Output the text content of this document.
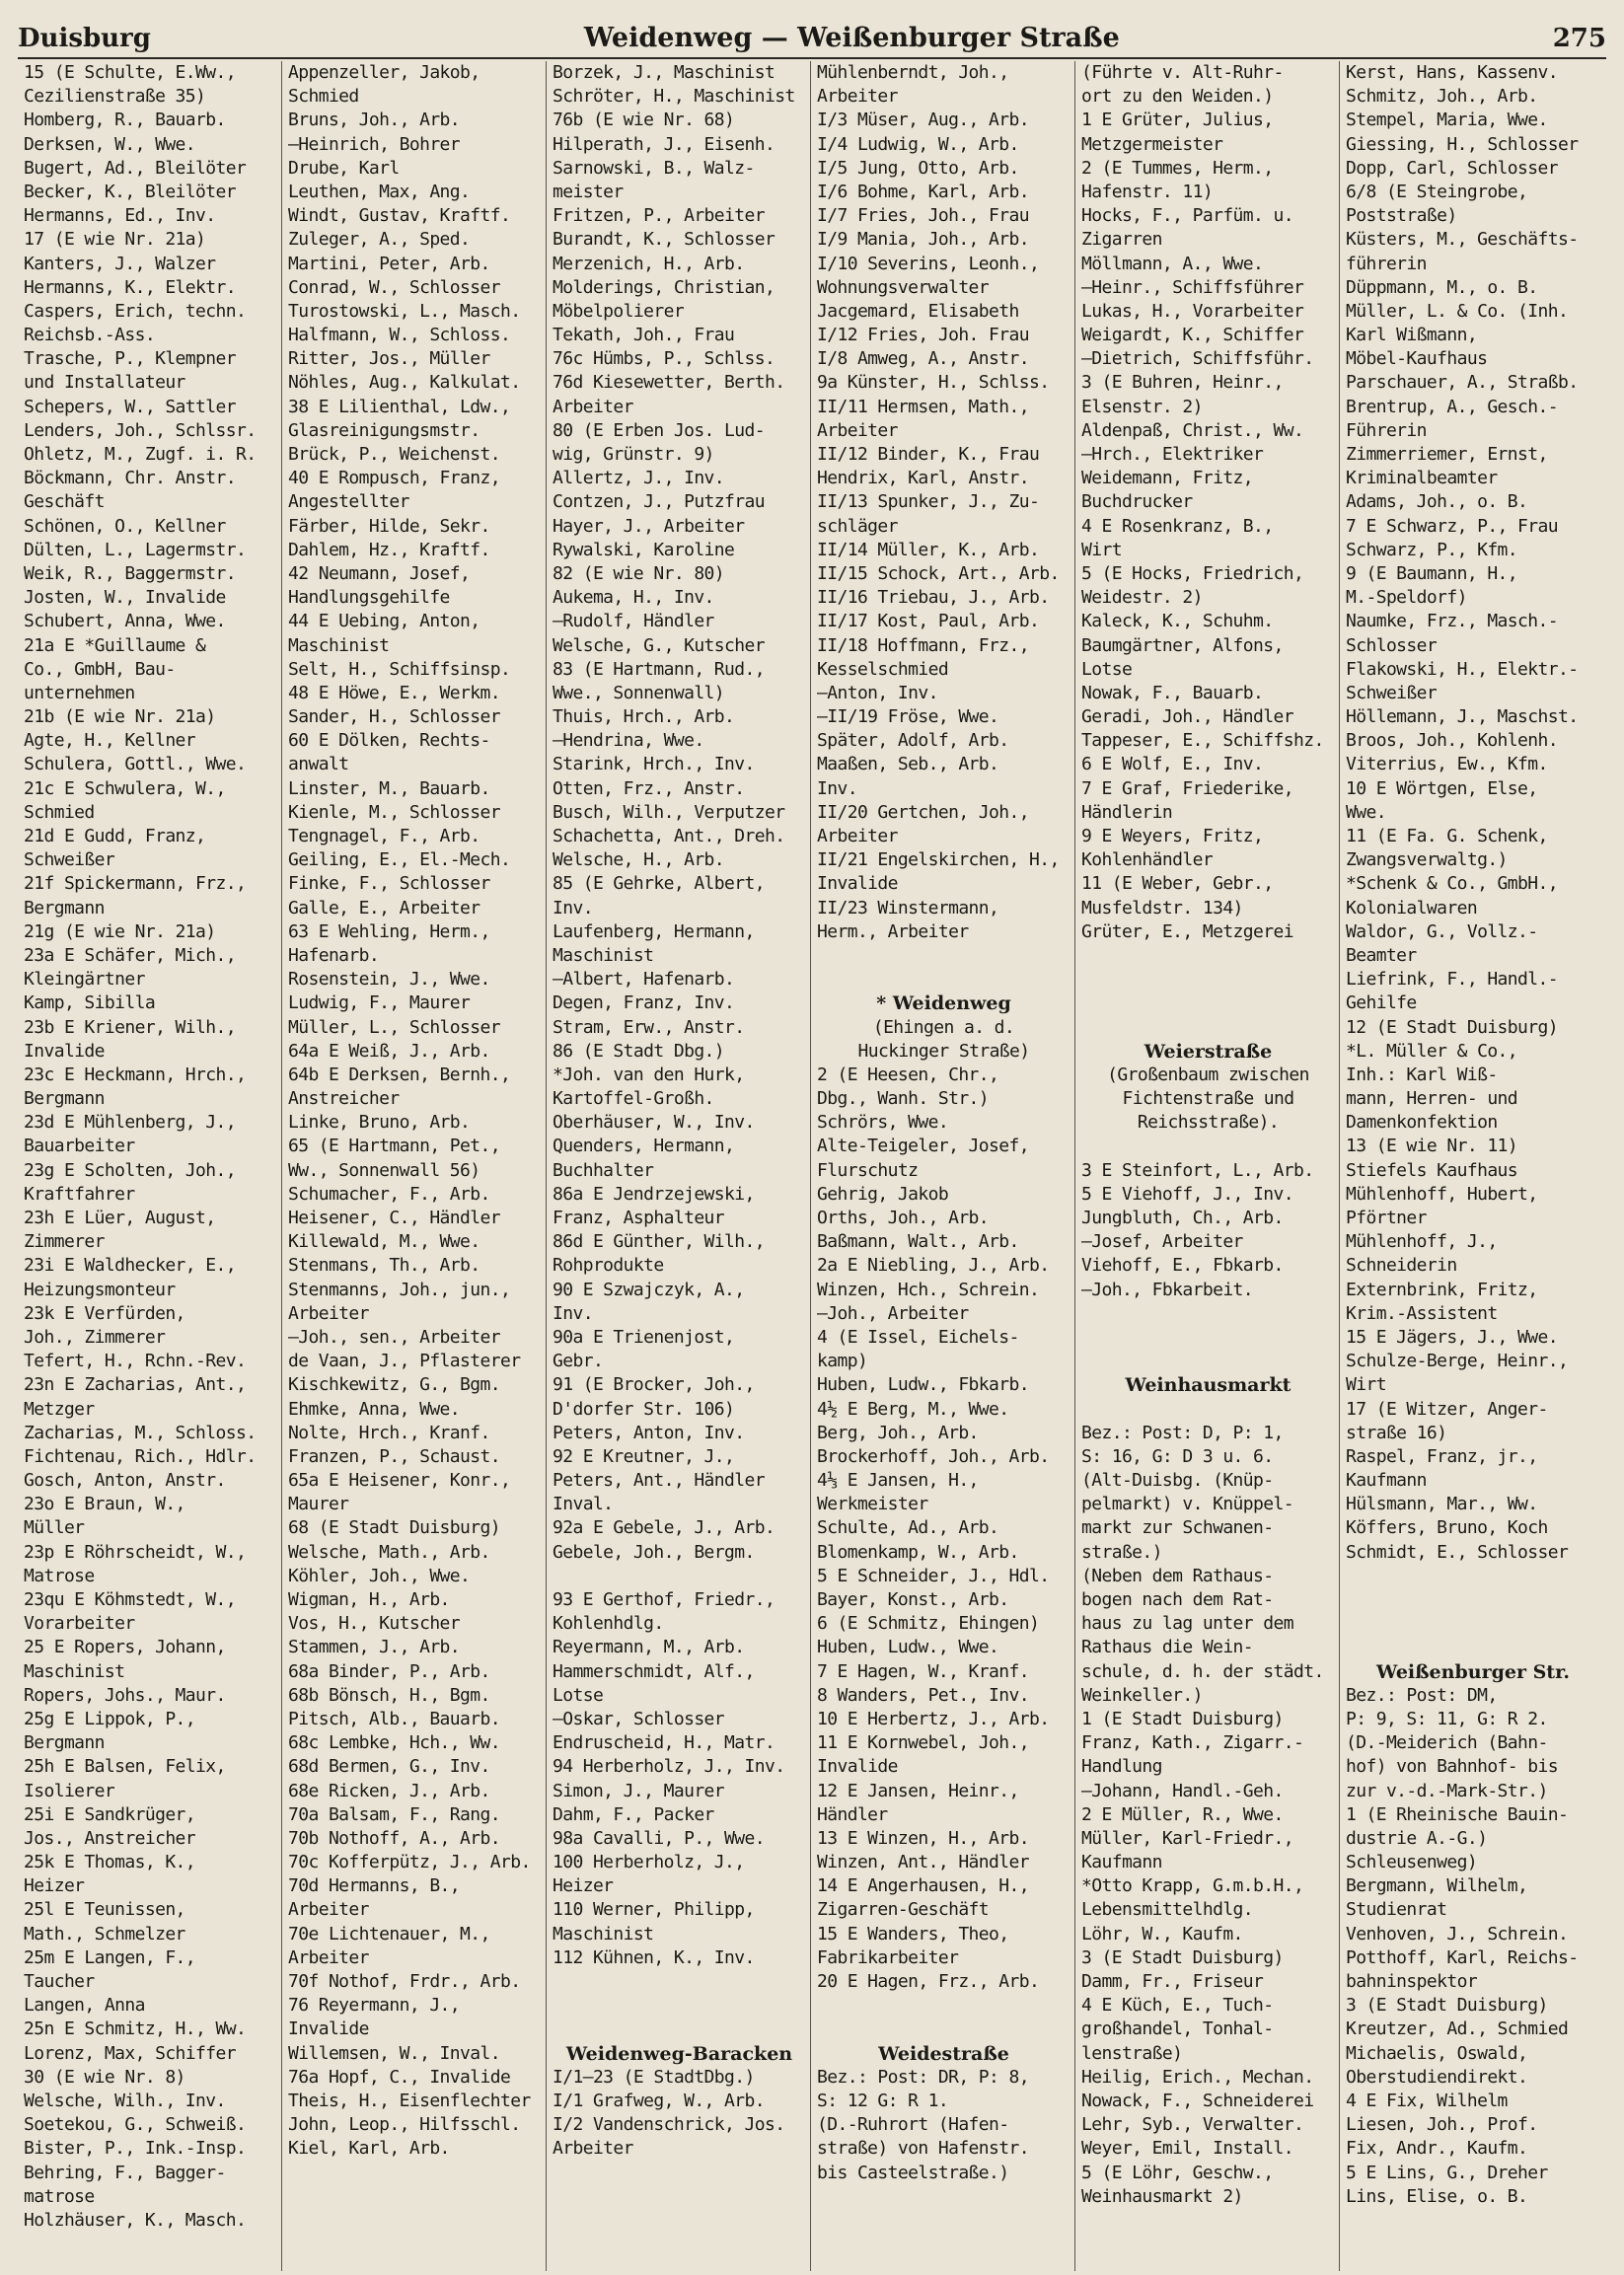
Duisburg	Weidenweg — Weißenburger Straße	275
15 (E Schulte, E.Ww.,
Cezilienstraße 35)
Homberg, R., Bauarb.
Derksen, W., Wwe.
Bugert, Ad., Bleilöter
Becker, K., Bleilöter
Hermanns, Ed., Inv.
17 (E wie Nr. 21a)
Kanters, J., Walzer
Hermanns, K., Elektr.
Caspers, Erich, techn.
Reichsb.-Ass.
Trasche, P., Klempner
und Installateur
Schepers, W., Sattler
Lenders, Joh., Schlssr.
Ohletz, M., Zugf. i. R.
Böckmann, Chr. Anstr.
Geschäft
Schönen, O., Kellner
Dülten, L., Lagermstr.
Weik, R., Baggermstr.
Josten, W., Invalide
Schubert, Anna, Wwe.
21a E *Guillaume &
Co., GmbH, Bau-
unternehmen
21b (E wie Nr. 21a)
Agte, H., Kellner
Schulera, Gottl., Wwe.
21c E Schwulera, W.,
Schmied
21d E Gudd, Franz,
Schweißer
21f Spickermann, Frz.,
Bergmann
21g (E wie Nr. 21a)
23a E Schäfer, Mich.,
Kleingärtner
Kamp, Sibilla
23b E Kriener, Wilh.,
Invalide
23c E Heckmann, Hrch.,
Bergmann
23d E Mühlenberg, J.,
Bauarbeiter
23g E Scholten, Joh.,
Kraftfahrer
23h E Lüer, August,
Zimmerer
23i E Waldhecker, E.,
Heizungsmonteur
23k E Verfürden,
Joh., Zimmerer
Tefert, H., Rchn.-Rev.
23n E Zacharias, Ant.,
Metzger
Zacharias, M., Schloss.
Fichtenau, Rich., Hdlr.
Gosch, Anton, Anstr.
23o E Braun, W.,
Müller
23p E Röhrscheidt, W.,
Matrose
23qu E Köhmstedt, W.,
Vorarbeiter
25 E Ropers, Johann,
Maschinist
Ropers, Johs., Maur.
25g E Lippok, P.,
Bergmann
25h E Balsen, Felix,
Isolierer
25i E Sandkrüger,
Jos., Anstreicher
25k E Thomas, K.,
Heizer
25l E Teunissen,
Math., Schmelzer
25m E Langen, F.,
Taucher
Langen, Anna
25n E Schmitz, H., Ww.
Lorenz, Max, Schiffer
30 (E wie Nr. 8)
Welsche, Wilh., Inv.
Soetekou, G., Schweiß.
Bister, P., Ink.-Insp.
Behring, F., Bagger-
matrose
Holzhäuser, K., Masch.
Appenzeller, Jakob,
Schmied
Bruns, Joh., Arb.
—Heinrich, Bohrer
Drube, Karl
Leuthen, Max, Ang.
Windt, Gustav, Kraftf.
Zuleger, A., Sped.
Martini, Peter, Arb.
Conrad, W., Schlosser
Turostowski, L., Masch.
Halfmann, W., Schloss.
Ritter, Jos., Müller
Nöhles, Aug., Kalkulat.
38 E Lilienthal, Ldw.,
Glasreinigungsmstr.
Brück, P., Weichenst.
40 E Rompusch, Franz,
Angestellter
Färber, Hilde, Sekr.
Dahlem, Hz., Kraftf.
42 Neumann, Josef,
Handlungsgehilfe
44 E Uebing, Anton,
Maschinist
Selt, H., Schiffsinsp.
48 E Höwe, E., Werkm.
Sander, H., Schlosser
60 E Dölken, Rechts-
anwalt
Linster, M., Bauarb.
Kienle, M., Schlosser
Tengnagel, F., Arb.
Geiling, E., El.-Mech.
Finke, F., Schlosser
Galle, E., Arbeiter
63 E Wehling, Herm.,
Hafenarb.
Rosenstein, J., Wwe.
Ludwig, F., Maurer
Müller, L., Schlosser
64a E Weiß, J., Arb.
64b E Derksen, Bernh.,
Anstreicher
Linke, Bruno, Arb.
65 (E Hartmann, Pet.,
Ww., Sonnenwall 56)
Schumacher, F., Arb.
Heisener, C., Händler
Killewald, M., Wwe.
Stenmans, Th., Arb.
Stenmanns, Joh., jun.,
Arbeiter
—Joh., sen., Arbeiter
de Vaan, J., Pflasterer
Kischkewitz, G., Bgm.
Ehmke, Anna, Wwe.
Nolte, Hrch., Kranf.
Franzen, P., Schaust.
65a E Heisener, Konr.,
Maurer
68 (E Stadt Duisburg)
Welsche, Math., Arb.
Köhler, Joh., Wwe.
Wigman, H., Arb.
Vos, H., Kutscher
Stammen, J., Arb.
68a Binder, P., Arb.
68b Bönsch, H., Bgm.
Pitsch, Alb., Bauarb.
68c Lembke, Hch., Ww.
68d Bermen, G., Inv.
68e Ricken, J., Arb.
70a Balsam, F., Rang.
70b Nothoff, A., Arb.
70c Kofferpütz, J., Arb.
70d Hermanns, B.,
Arbeiter
70e Lichtenauer, M.,
Arbeiter
70f Nothof, Frdr., Arb.
76 Reyermann, J.,
Invalide
Willemsen, W., Inval.
76a Hopf, C., Invalide
Theis, H., Eisenflechter
John, Leop., Hilfsschl.
Kiel, Karl, Arb.
Borzek, J., Maschinist
Schröter, H., Maschinist
76b (E wie Nr. 68)
Hilperath, J., Eisenh.
Sarnowski, B., Walz-
meister
Fritzen, P., Arbeiter
Burandt, K., Schlosser
Merzenich, H., Arb.
Molderings, Christian,
Möbelpolierer
Tekath, Joh., Frau
76c Hümbs, P., Schlss.
76d Kiesewetter, Berth.
Arbeiter
80 (E Erben Jos. Lud-
wig, Grünstr. 9)
Allertz, J., Inv.
Contzen, J., Putzfrau
Hayer, J., Arbeiter
Rywalski, Karoline
82 (E wie Nr. 80)
Aukema, H., Inv.
—Rudolf, Händler
Welsche, G., Kutscher
83 (E Hartmann, Rud.,
Wwe., Sonnenwall)
Thuis, Hrch., Arb.
—Hendrina, Wwe.
Starink, Hrch., Inv.
Otten, Frz., Anstr.
Busch, Wilh., Verputzer
Schachetta, Ant., Dreh.
Welsche, H., Arb.
85 (E Gehrke, Albert,
Inv.
Laufenberg, Hermann,
Maschinist
—Albert, Hafenarb.
Degen, Franz, Inv.
Stram, Erw., Anstr.
86 (E Stadt Dbg.)
*Joh. van den Hurk,
Kartoffel-Großh.
Oberhäuser, W., Inv.
Quenders, Hermann,
Buchhalter
86a E Jendrzejewski,
Franz, Asphalteur
86d E Günther, Wilh.,
Rohprodukte
90 E Szwajczyk, A.,
Inv.
90a E Trienenjost,
Gebr.
91 (E Brocker, Joh.,
D'dorfer Str. 106)
Peters, Anton, Inv.
92 E Kreutner, J.,
Peters, Ant., Händler
Inval.
92a E Gebele, J., Arb.
Gebele, Joh., Bergm.
93 E Gerthof, Friedr.,
Kohlenhdlg.
Reyermann, M., Arb.
Hammerschmidt, Alf.,
Lotse
—Oskar, Schlosser
Endruscheid, H., Matr.
94 Herberholz, J., Inv.
Simon, J., Maurer
Dahm, F., Packer
98a Cavalli, P., Wwe.
100 Herberholz, J.,
Heizer
110 Werner, Philipp,
Maschinist
112 Kühnen, K., Inv.
Weidenweg-Baracken
I/1—23 (E StadtDbg.)
I/1 Grafweg, W., Arb.
I/2 Vandenschrick, Jos.
Arbeiter
Mühlenberndt, Joh.,
Arbeiter
I/3 Müser, Aug., Arb.
I/4 Ludwig, W., Arb.
I/5 Jung, Otto, Arb.
I/6 Bohme, Karl, Arb.
I/7 Fries, Joh., Frau
I/9 Mania, Joh., Arb.
I/10 Severins, Leonh.,
Wohnungsverwalter
Jacgemard, Elisabeth
I/12 Fries, Joh. Frau
I/8 Amweg, A., Anstr.
9a Künster, H., Schlss.
II/11 Hermsen, Math.,
Arbeiter
II/12 Binder, K., Frau
Hendrix, Karl, Anstr.
II/13 Spunker, J., Zu-
schläger
II/14 Müller, K., Arb.
II/15 Schock, Art., Arb.
II/16 Triebau, J., Arb.
II/17 Kost, Paul, Arb.
II/18 Hoffmann, Frz.,
Kesselschmied
—Anton, Inv.
—II/19 Fröse, Wwe.
Später, Adolf, Arb.
Maaßen, Seb., Arb.
Inv.
II/20 Gertchen, Joh.,
Arbeiter
II/21 Engelskirchen, H.,
Invalide
II/23 Winstermann,
Herm., Arbeiter
* Weidenweg
(Ehingen a. d.
Huckinger Straße)
2 (E Heesen, Chr.,
Dbg., Wanh. Str.)
Schrörs, Wwe.
Alte-Teigeler, Josef,
Flurschutz
Gehrig, Jakob
Orths, Joh., Arb.
Baßmann, Walt., Arb.
2a E Niebling, J., Arb.
Winzen, Hch., Schrein.
—Joh., Arbeiter
4 (E Issel, Eichels-
kamp)
Huben, Ludw., Fbkarb.
4½ E Berg, M., Wwe.
Berg, Joh., Arb.
Brockerhoff, Joh., Arb.
4⅓ E Jansen, H.,
Werkmeister
Schulte, Ad., Arb.
Blomenkamp, W., Arb.
5 E Schneider, J., Hdl.
Bayer, Konst., Arb.
6 (E Schmitz, Ehingen)
Huben, Ludw., Wwe.
7 E Hagen, W., Kranf.
8 Wanders, Pet., Inv.
10 E Herbertz, J., Arb.
11 E Kornwebel, Joh.,
Invalide
12 E Jansen, Heinr.,
Händler
13 E Winzen, H., Arb.
Winzen, Ant., Händler
14 E Angerhausen, H.,
Zigarren-Geschäft
15 E Wanders, Theo,
Fabrikarbeiter
20 E Hagen, Frz., Arb.
Weidestraße
Bez.: Post: DR, P: 8,
S: 12 G: R 1.
(D.-Ruhrort (Hafen-
straße) von Hafenstr.
bis Casteelstraße.)
(Führte v. Alt-Ruhr-
ort zu den Weiden.)
1 E Grüter, Julius,
Metzgermeister
2 (E Tummes, Herm.,
Hafenstr. 11)
Hocks, F., Parfüm. u.
Zigarren
Möllmann, A., Wwe.
—Heinr., Schiffsführer
Lukas, H., Vorarbeiter
Weigardt, K., Schiffer
—Dietrich, Schiffsführ.
3 (E Buhren, Heinr.,
Elsenstr. 2)
Aldenpaß, Christ., Ww.
—Hrch., Elektriker
Weidemann, Fritz,
Buchdrucker
4 E Rosenkranz, B.,
Wirt
5 (E Hocks, Friedrich,
Weidestr. 2)
Kaleck, K., Schuhm.
Baumgärtner, Alfons,
Lotse
Nowak, F., Bauarb.
Geradi, Joh., Händler
Tappeser, E., Schiffshz.
6 E Wolf, E., Inv.
7 E Graf, Friederike,
Händlerin
9 E Weyers, Fritz,
Kohlenhändler
11 (E Weber, Gebr.,
Musfeldstr. 134)
Grüter, E., Metzgerei
Weierstraße
(Großenbaum zwischen
Fichtenstraße und
Reichsstraße).
3 E Steinfort, L., Arb.
5 E Viehoff, J., Inv.
Jungbluth, Ch., Arb.
—Josef, Arbeiter
Viehoff, E., Fbkarb.
—Joh., Fbkarbeit.
Weinhausmarkt
Bez.: Post: D, P: 1,
S: 16, G: D 3 u. 6.
(Alt-Duisbg. (Knüp-
pelmarkt) v. Knüppel-
markt zur Schwanen-
straße.)
(Neben dem Rathaus-
bogen nach dem Rat-
haus zu lag unter dem
Rathaus die Wein-
schule, d. h. der städt.
Weinkeller.)
1 (E Stadt Duisburg)
Franz, Kath., Zigarr.-
Handlung
—Johann, Handl.-Geh.
2 E Müller, R., Wwe.
Müller, Karl-Friedr.,
Kaufmann
*Otto Krapp, G.m.b.H.,
Lebensmittelhdlg.
Löhr, W., Kaufm.
3 (E Stadt Duisburg)
Damm, Fr., Friseur
4 E Küch, E., Tuch-
großhandel, Tonhal-
lenstraße)
Heilig, Erich., Mechan.
Nowack, F., Schneiderei
Lehr, Syb., Verwalter.
Weyer, Emil, Install.
5 (E Löhr, Geschw.,
Weinhausmarkt 2)
Kerst, Hans, Kassenv.
Schmitz, Joh., Arb.
Stempel, Maria, Wwe.
Giessing, H., Schlosser
Dopp, Carl, Schlosser
6/8 (E Steingrobe,
Poststraße)
Küsters, M., Geschäfts-
führerin
Düppmann, M., o. B.
Müller, L. & Co. (Inh.
Karl Wißmann,
Möbel-Kaufhaus
Parschauer, A., Straßb.
Brentrup, A., Gesch.-
Führerin
Zimmerriemer, Ernst,
Kriminalbeamter
Adams, Joh., o. B.
7 E Schwarz, P., Frau
Schwarz, P., Kfm.
9 (E Baumann, H.,
M.-Speldorf)
Naumke, Frz., Masch.-
Schlosser
Flakowski, H., Elektr.-
Schweißer
Höllemann, J., Maschst.
Broos, Joh., Kohlenh.
Viterrius, Ew., Kfm.
10 E Wörtgen, Else,
Wwe.
11 (E Fa. G. Schenk,
Zwangsverwaltg.)
*Schenk & Co., GmbH.,
Kolonialwaren
Waldor, G., Vollz.-
Beamter
Liefrink, F., Handl.-
Gehilfe
12 (E Stadt Duisburg)
*L. Müller & Co.,
Inh.: Karl Wiß-
mann, Herren- und
Damenkonfektion
13 (E wie Nr. 11)
Stiefels Kaufhaus
Mühlenhoff, Hubert,
Pförtner
Mühlenhoff, J.,
Schneiderin
Externbrink, Fritz,
Krim.-Assistent
15 E Jägers, J., Wwe.
Schulze-Berge, Heinr.,
Wirt
17 (E Witzer, Anger-
straße 16)
Raspel, Franz, jr.,
Kaufmann
Hülsmann, Mar., Ww.
Köffers, Bruno, Koch
Schmidt, E., Schlosser
Weißenburger Str.
Bez.: Post: DM,
P: 9, S: 11, G: R 2.
(D.-Meiderich (Bahn-
hof) von Bahnhof- bis
zur v.-d.-Mark-Str.)
1 (E Rheinische Bauin-
dustrie A.-G.)
Schleusenweg)
Bergmann, Wilhelm,
Studienrat
Venhoven, J., Schrein.
Potthoff, Karl, Reichs-
bahninspektor
3 (E Stadt Duisburg)
Kreutzer, Ad., Schmied
Michaelis, Oswald,
Oberstudiendirekt.
4 E Fix, Wilhelm
Liesen, Joh., Prof.
Fix, Andr., Kaufm.
5 E Lins, G., Dreher
Lins, Elise, o. B.
